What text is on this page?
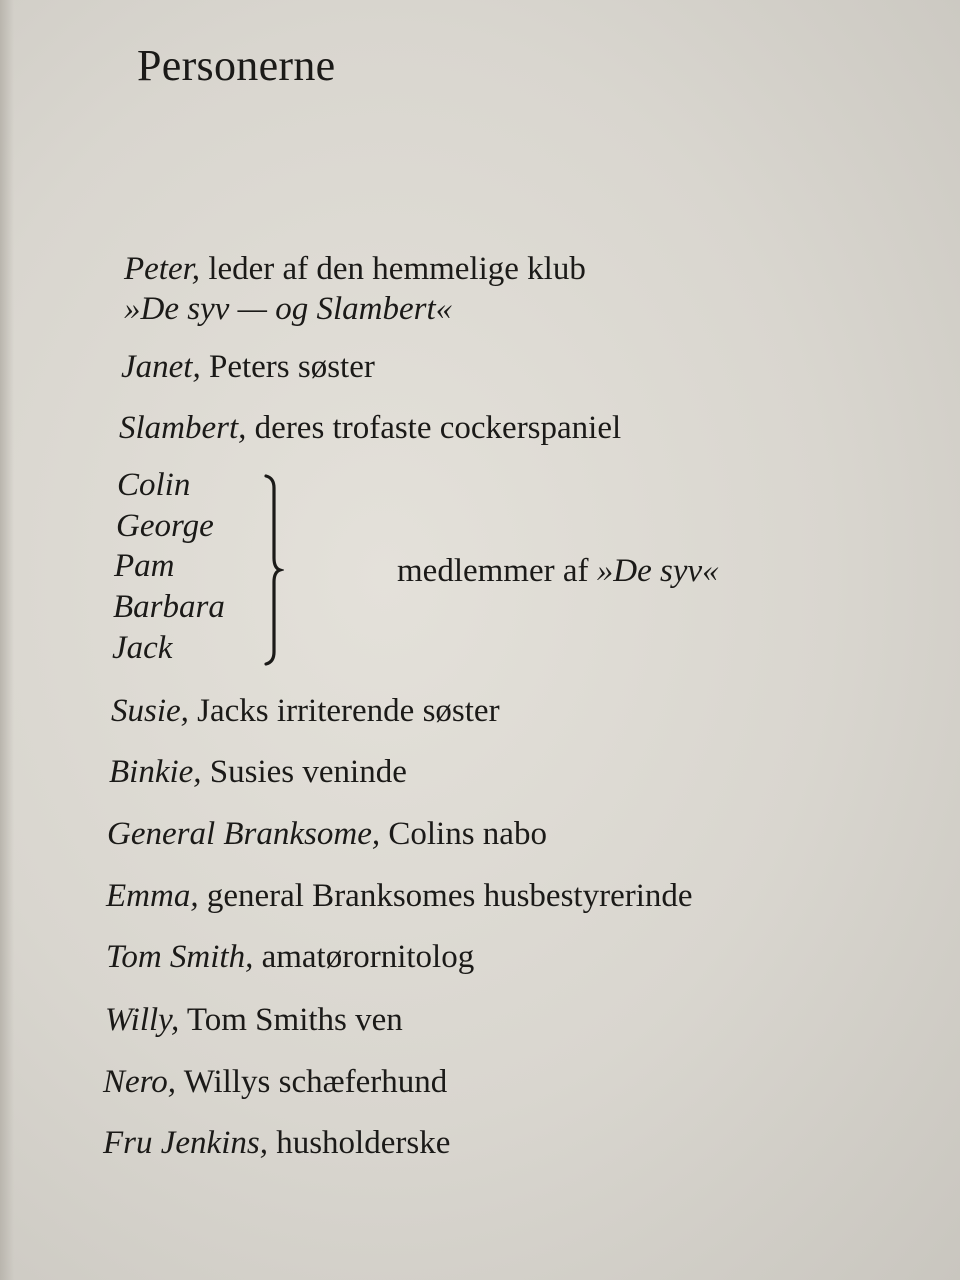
Personerne
Peter, leder af den hemmelige klub
»De syv — og Slambert«
Janet, Peters søster
Slambert, deres trofaste cockerspaniel
Colin
George
Pam
Barbara
Jack
medlemmer af »De syv«
Susie, Jacks irriterende søster
Binkie, Susies veninde
General Branksome, Colins nabo
Emma, general Branksomes husbestyrerinde
Tom Smith, amatørornitolog
Willy, Tom Smiths ven
Nero, Willys schæferhund
Fru Jenkins, husholderske
